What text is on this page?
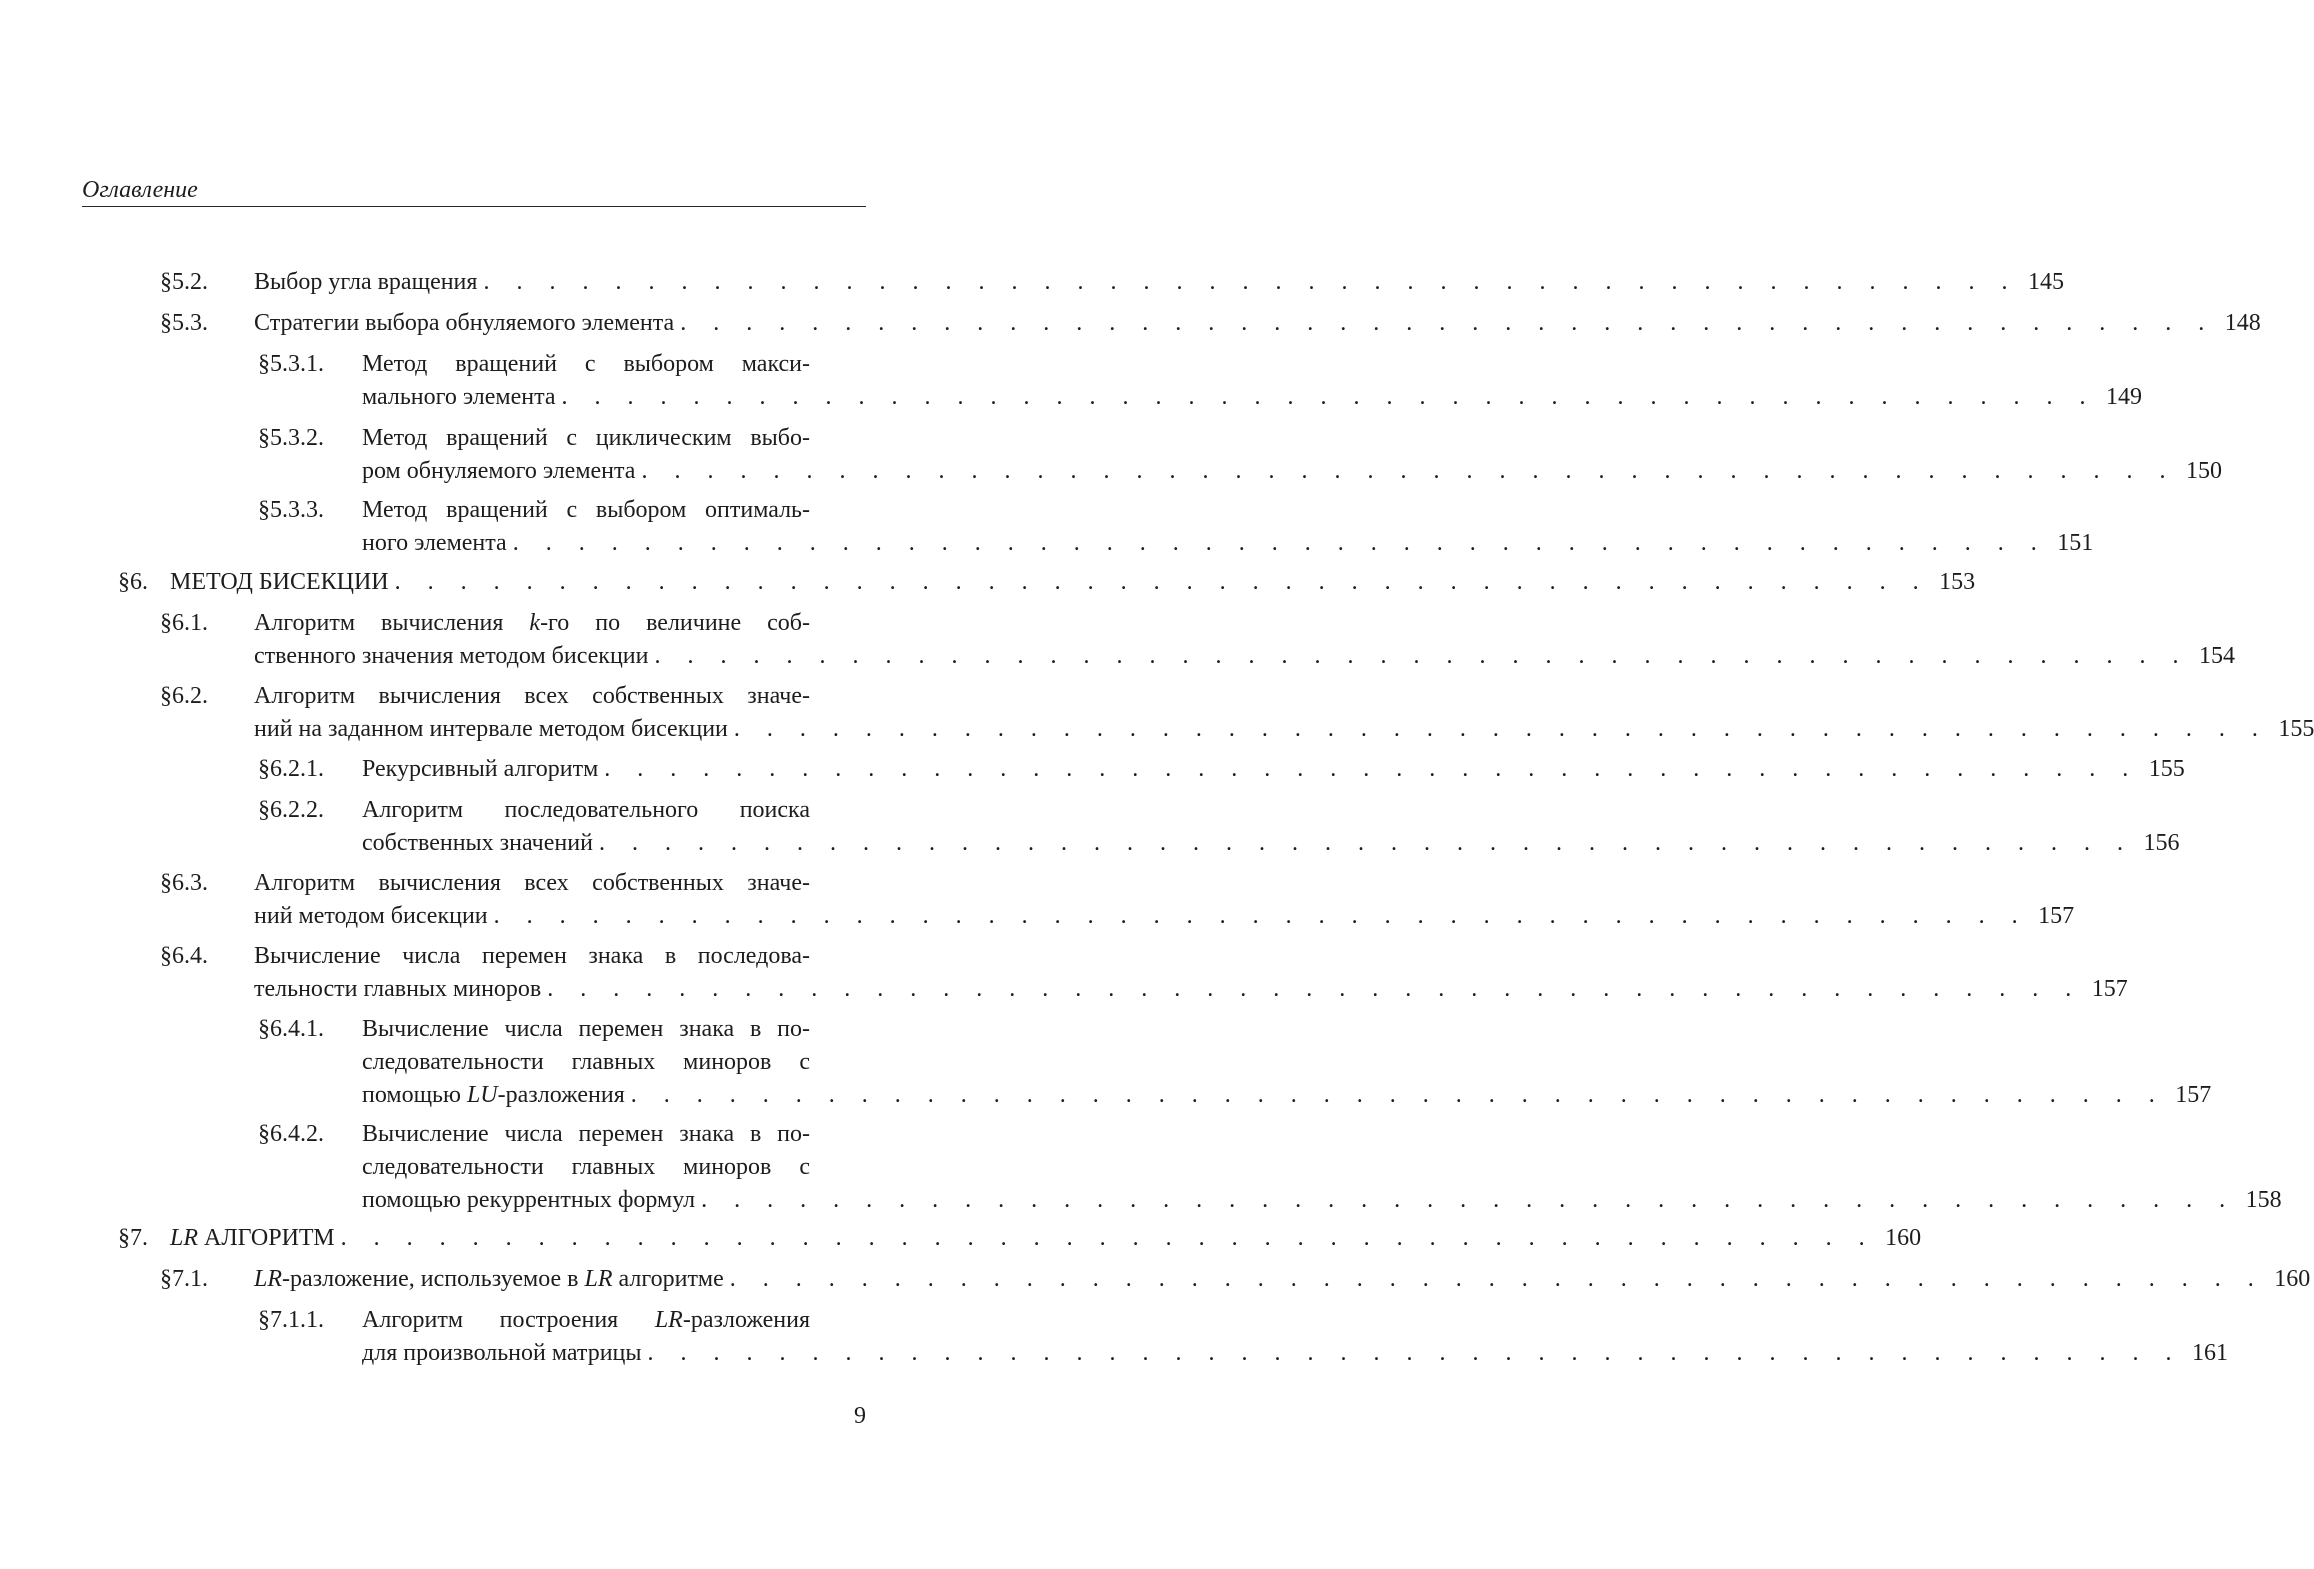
Оглавление
§5.2. Выбор угла вращения . . . . . . . . . . . . . . . . . . . . . . . . . . . . . . . . . . . . . . . . . . . . . . . 145
§5.3. Стратегии выбора обнуляемого элемента . . . . . . . . . . . . . . . . . . . . . . . . . . . . . . . . . . . . . . . . . . . . . . . 148
§5.3.1. Метод вращений с выбором макси-
мального элемента . . . . . . . . . . . . . . . . . . . . . . . . . . . . . . . . . . . . . . . . . . . . . . . 149
§5.3.2. Метод вращений с циклическим выбо-
ром обнуляемого элемента . . . . . . . . . . . . . . . . . . . . . . . . . . . . . . . . . . . . . . . . . . . . . . . 150
§5.3.3. Метод вращений с выбором оптималь-
ного элемента . . . . . . . . . . . . . . . . . . . . . . . . . . . . . . . . . . . . . . . . . . . . . . . 151
§6. МЕТОД БИСЕКЦИИ . . . . . . . . . . . . . . . . . . . . . . . . . . . . . . . . . . . . . . . . . . . . . . . 153
§6.1. Алгоритм вычисления k-го по величине соб-
ственного значения методом бисекции . . . . . . . . . . . . . . . . . . . . . . . . . . . . . . . . . . . . . . . . . . . . . . . 154
§6.2. Алгоритм вычисления всех собственных значе-
ний на заданном интервале методом бисекции . . . . . . . . . . . . . . . . . . . . . . . . . . . . . . . . . . . . . . . . . . . . . . . 155
§6.2.1. Рекурсивный алгоритм . . . . . . . . . . . . . . . . . . . . . . . . . . . . . . . . . . . . . . . . . . . . . . . 155
§6.2.2. Алгоритм последовательного поиска
собственных значений . . . . . . . . . . . . . . . . . . . . . . . . . . . . . . . . . . . . . . . . . . . . . . . 156
§6.3. Алгоритм вычисления всех собственных значе-
ний методом бисекции . . . . . . . . . . . . . . . . . . . . . . . . . . . . . . . . . . . . . . . . . . . . . . . 157
§6.4. Вычисление числа перемен знака в последова-
тельности главных миноров . . . . . . . . . . . . . . . . . . . . . . . . . . . . . . . . . . . . . . . . . . . . . . . 157
§6.4.1. Вычисление числа перемен знака в по-
следовательности главных миноров с
помощью LU-разложения . . . . . . . . . . . . . . . . . . . . . . . . . . . . . . . . . . . . . . . . . . . . . . . 157
§6.4.2. Вычисление числа перемен знака в по-
следовательности главных миноров с
помощью рекуррентных формул . . . . . . . . . . . . . . . . . . . . . . . . . . . . . . . . . . . . . . . . . . . . . . . 158
§7. LR АЛГОРИТМ . . . . . . . . . . . . . . . . . . . . . . . . . . . . . . . . . . . . . . . . . . . . . . . 160
§7.1. LR-разложение, используемое в LR алгоритме . . . . . . . . . . . . . . . . . . . . . . . . . . . . . . . . . . . . . . . . . . . . . . . 160
§7.1.1. Алгоритм построения LR-разложения
для произвольной матрицы . . . . . . . . . . . . . . . . . . . . . . . . . . . . . . . . . . . . . . . . . . . . . . . 161
9
